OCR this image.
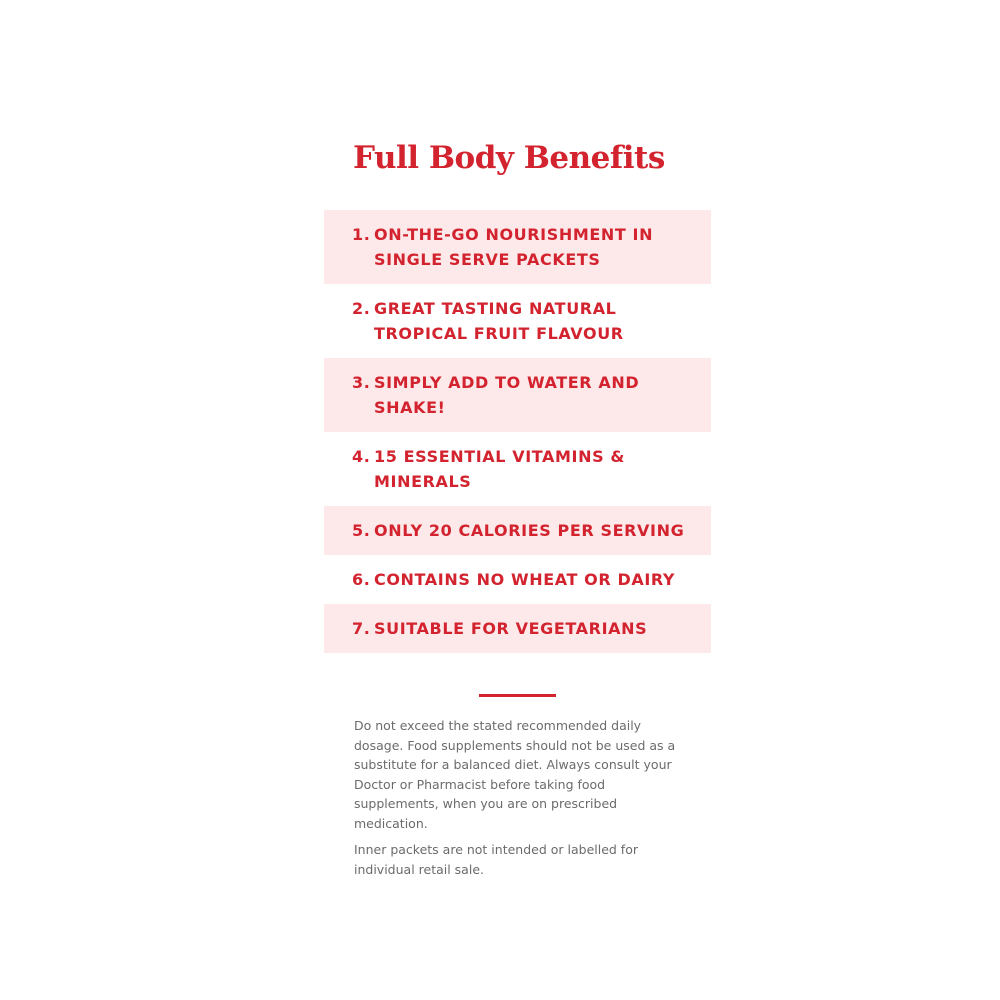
Full Body Benefits
1. ON-THE-GO NOURISHMENT IN SINGLE SERVE PACKETS
2. GREAT TASTING NATURAL TROPICAL FRUIT FLAVOUR
3. SIMPLY ADD TO WATER AND SHAKE!
4. 15 ESSENTIAL VITAMINS & MINERALS
5. ONLY 20 CALORIES PER SERVING
6. CONTAINS NO WHEAT OR DAIRY
7. SUITABLE FOR VEGETARIANS

Do not exceed the stated recommended daily dosage. Food supplements should not be used as a substitute for a balanced diet. Always consult your Doctor or Pharmacist before taking food supplements, when you are on prescribed medication.

Inner packets are not intended or labelled for individual retail sale.
